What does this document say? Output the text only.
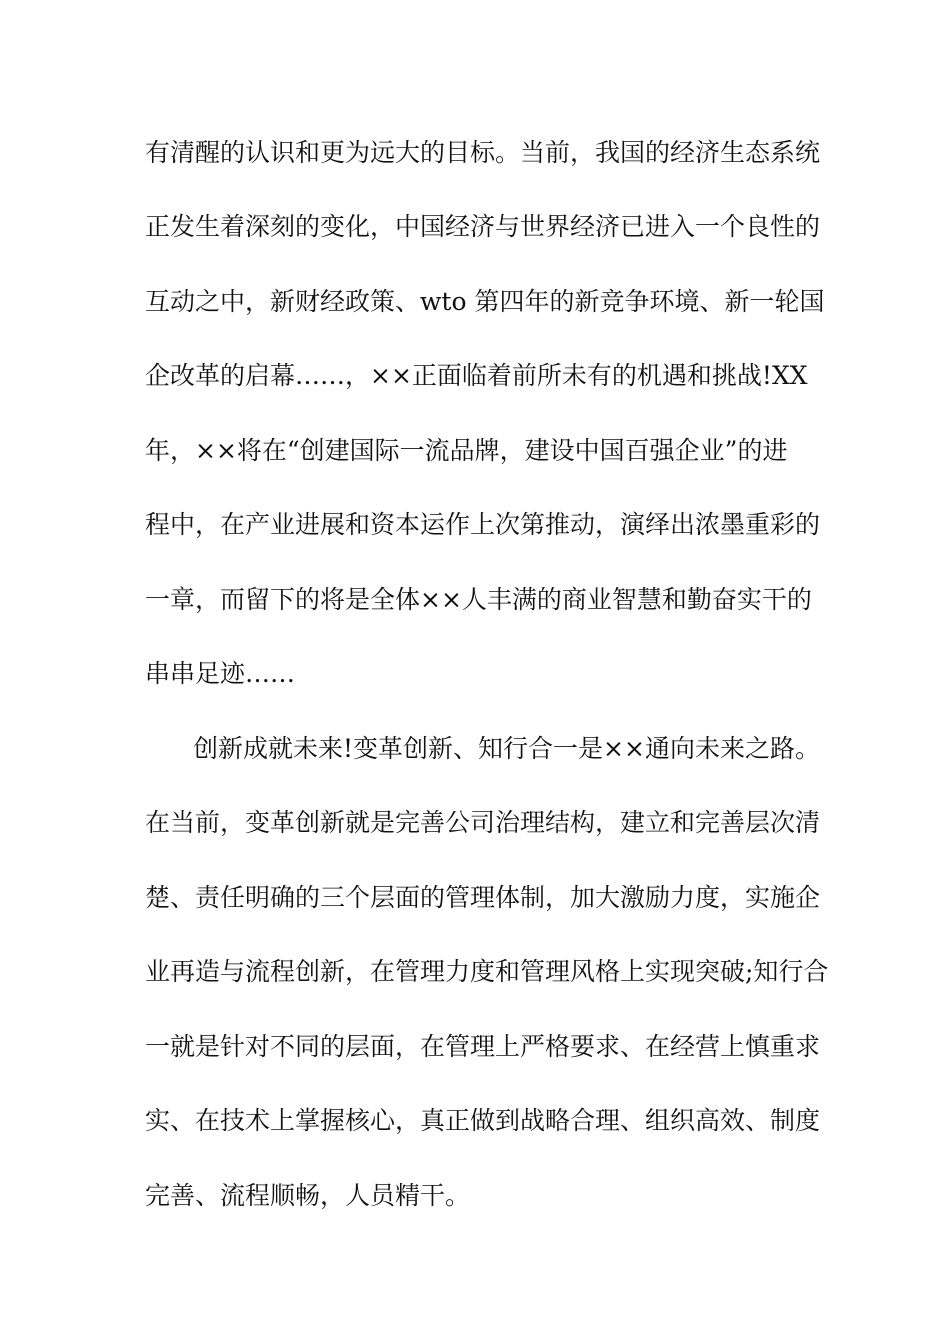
有清醒的认识和更为远大的目标。当前，我国的经济生态系统
正发生着深刻的变化，中国经济与世界经济已进入一个良性的
互动之中，新财经政策、wto 第四年的新竞争环境、新一轮国
企改革的启幕……，××正面临着前所未有的机遇和挑战!XX
年，××将在“创建国际一流品牌，建设中国百强企业”的进
程中，在产业进展和资本运作上次第推动，演绎出浓墨重彩的
一章，而留下的将是全体××人丰满的商业智慧和勤奋实干的
串串足迹……
创新成就未来!变革创新、知行合一是××通向未来之路。
在当前，变革创新就是完善公司治理结构，建立和完善层次清
楚、责任明确的三个层面的管理体制，加大激励力度，实施企
业再造与流程创新，在管理力度和管理风格上实现突破;知行合
一就是针对不同的层面，在管理上严格要求、在经营上慎重求
实、在技术上掌握核心，真正做到战略合理、组织高效、制度
完善、流程顺畅，人员精干。
